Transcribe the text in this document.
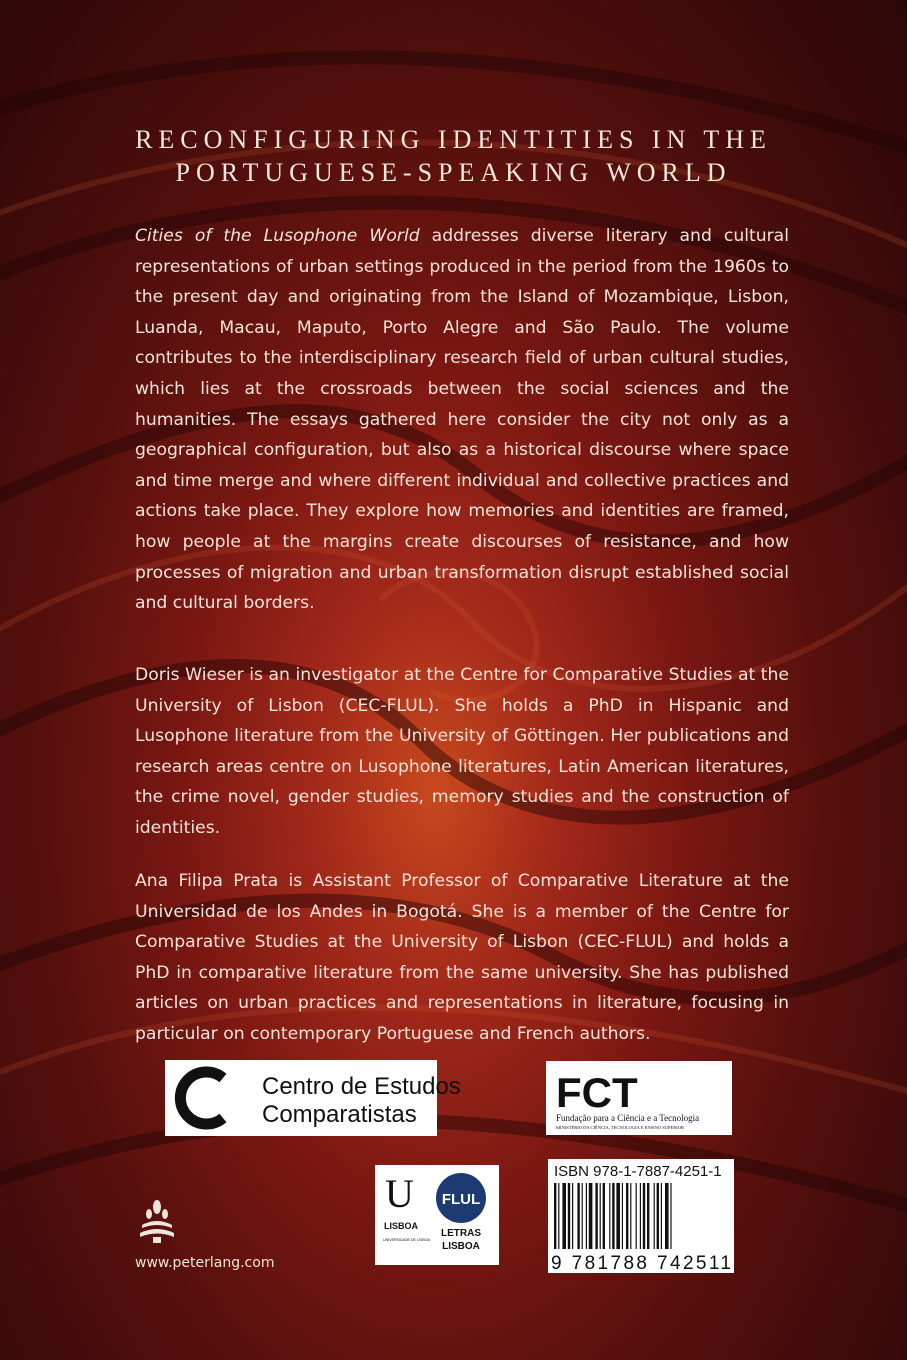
RECONFIGURING IDENTITIES IN THE
PORTUGUESE-SPEAKING WORLD

Cities of the Lusophone World addresses diverse literary and cultural representations of urban settings produced in the period from the 1960s to the present day and originating from the Island of Mozambique, Lisbon, Luanda, Macau, Maputo, Porto Alegre and São Paulo. The volume contributes to the interdisciplinary research field of urban cultural studies, which lies at the crossroads between the social sciences and the humanities. The essays gathered here consider the city not only as a geographical configuration, but also as a historical discourse where space and time merge and where different individual and collective practices and actions take place. They explore how memories and identities are framed, how people at the margins create discourses of resistance, and how processes of migration and urban transformation disrupt established social and cultural borders.

Doris Wieser is an investigator at the Centre for Comparative Studies at the University of Lisbon (CEC-FLUL). She holds a PhD in Hispanic and Lusophone literature from the University of Göttingen. Her publications and research areas centre on Lusophone literatures, Latin American literatures, the crime novel, gender studies, memory studies and the construction of identities.

Ana Filipa Prata is Assistant Professor of Comparative Literature at the Universidad de los Andes in Bogotá. She is a member of the Centre for Comparative Studies at the University of Lisbon (CEC-FLUL) and holds a PhD in comparative literature from the same university. She has published articles on urban practices and representations in literature, focusing in particular on contemporary Portuguese and French authors.

Centro de Estudos
Comparatistas	FCT
Fundação para a Ciência e a Tecnologia
MINISTÉRIO DA CIÊNCIA, TECNOLOGIA E ENSINO SUPERIOR
U
LISBOA
UNIVERSIDADE DE LISBOA
FLUL
LETRAS
LISBOA
ISBN 978-1-7887-4251-1
9 781788 742511
www.peterlang.com
